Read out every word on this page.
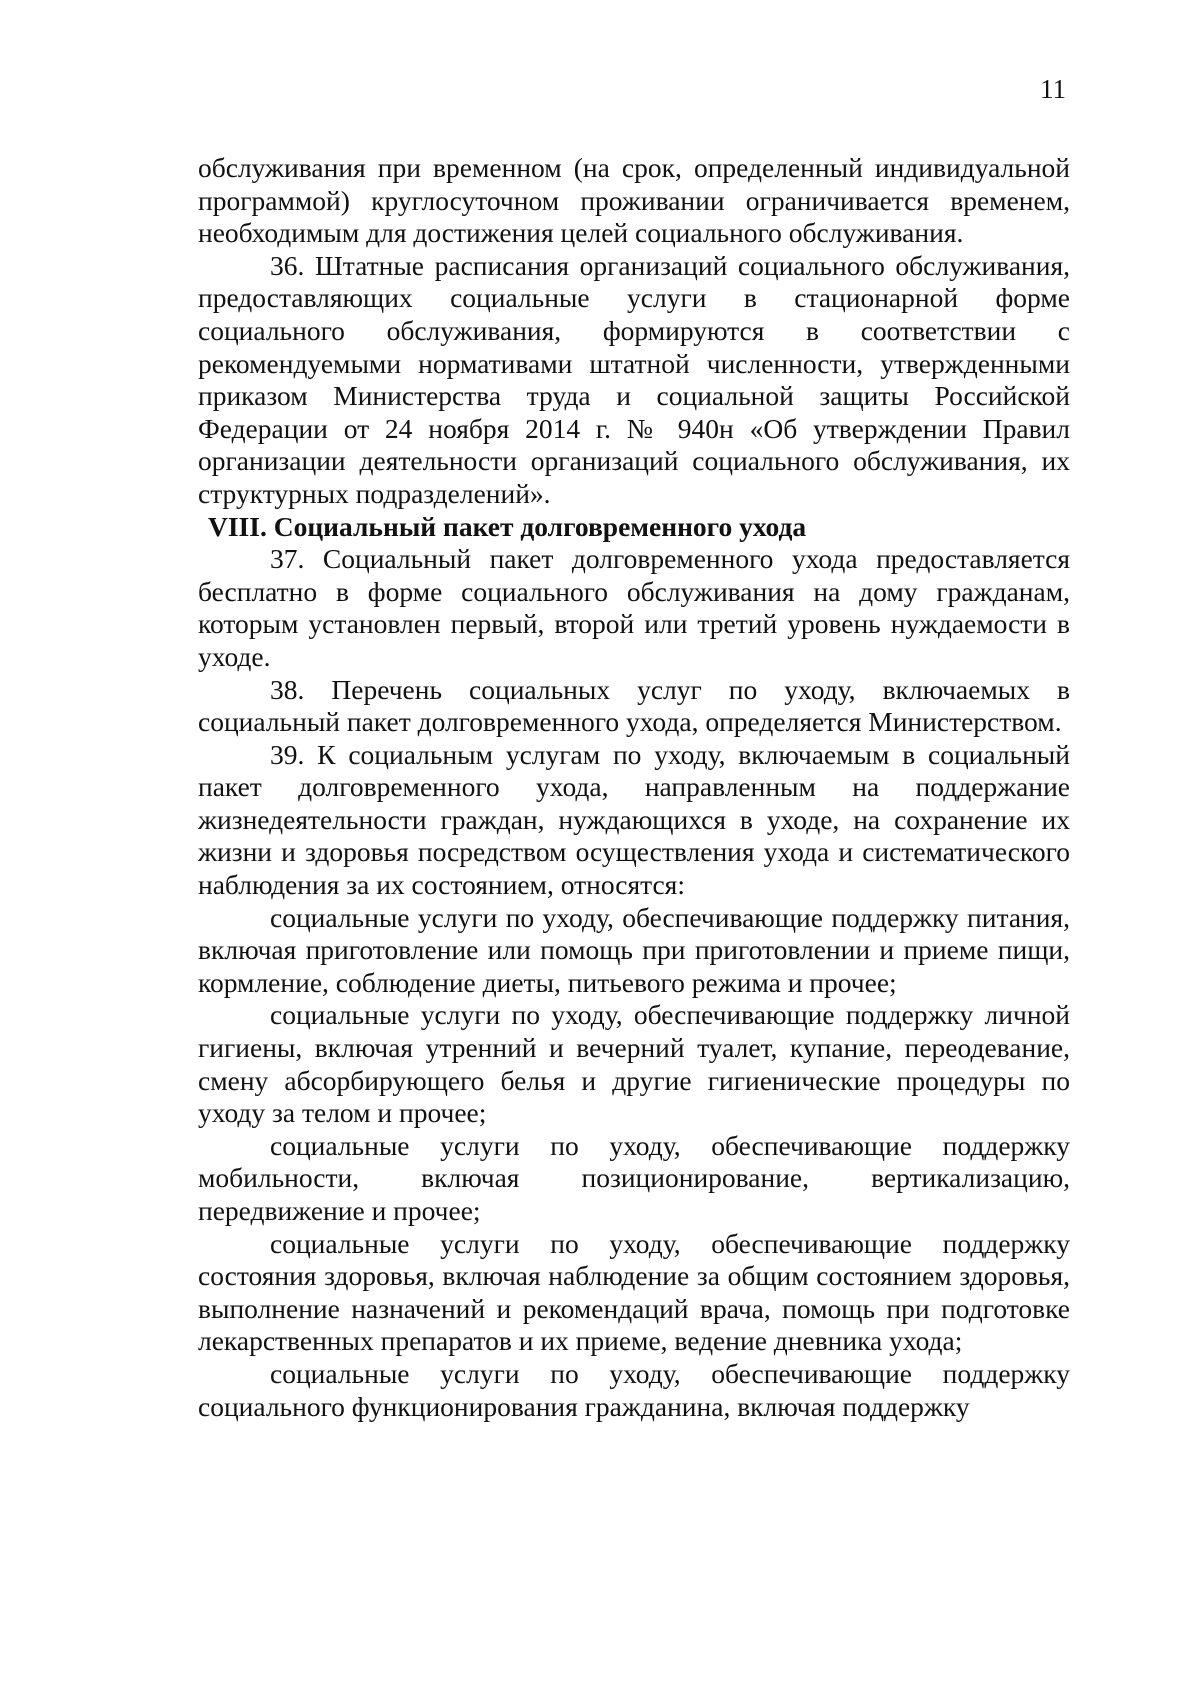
11

обслуживания при временном (на срок, определенный индивидуальной программой) круглосуточном проживании ограничивается временем, необходимым для достижения целей социального обслуживания.

36. Штатные расписания организаций социального обслуживания, предоставляющих социальные услуги в стационарной форме социального обслуживания, формируются в соответствии с рекомендуемыми нормативами штатной численности, утвержденными приказом Министерства труда и социальной защиты Российской Федерации от 24 ноября 2014 г. № 940н «Об утверждении Правил организации деятельности организаций социального обслуживания, их структурных подразделений».

VIII. Социальный пакет долговременного ухода

37. Социальный пакет долговременного ухода предоставляется бесплатно в форме социального обслуживания на дому гражданам, которым установлен первый, второй или третий уровень нуждаемости в уходе.

38. Перечень социальных услуг по уходу, включаемых в социальный пакет долговременного ухода, определяется Министерством.

39. К социальным услугам по уходу, включаемым в социальный пакет долговременного ухода, направленным на поддержание жизнедеятельности граждан, нуждающихся в уходе, на сохранение их жизни и здоровья посредством осуществления ухода и систематического наблюдения за их состоянием, относятся:

социальные услуги по уходу, обеспечивающие поддержку питания, включая приготовление или помощь при приготовлении и приеме пищи, кормление, соблюдение диеты, питьевого режима и прочее;

социальные услуги по уходу, обеспечивающие поддержку личной гигиены, включая утренний и вечерний туалет, купание, переодевание, смену абсорбирующего белья и другие гигиенические процедуры по уходу за телом и прочее;

социальные услуги по уходу, обеспечивающие поддержку мобильности, включая позиционирование, вертикализацию, передвижение и прочее;

социальные услуги по уходу, обеспечивающие поддержку состояния здоровья, включая наблюдение за общим состоянием здоровья, выполнение назначений и рекомендаций врача, помощь при подготовке лекарственных препаратов и их приеме, ведение дневника ухода;

социальные услуги по уходу, обеспечивающие поддержку социального функционирования гражданина, включая поддержку
